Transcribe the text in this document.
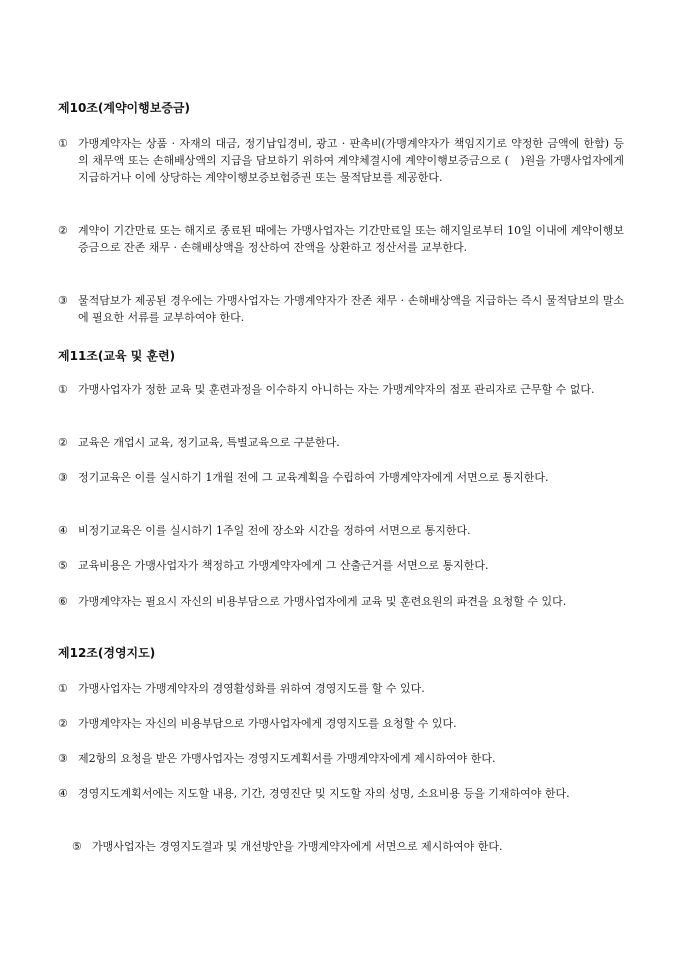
제10조(계약이행보증금)
① 가맹계약자는 상품 · 자재의 대금, 정기납입경비, 광고 · 판촉비(가맹계약자가 책임지기로 약정한 금액에 한함) 등의 채무액 또는 손해배상액의 지급을 담보하기 위하여 계약체결시에 계약이행보증금으로 (　)원을 가맹사업자에게 지급하거나 이에 상당하는 계약이행보증보험증권 또는 물적담보를 제공한다.
② 계약이 기간만료 또는 해지로 종료된 때에는 가맹사업자는 기간만료일 또는 해지일로부터 10일 이내에 계약이행보증금으로 잔존 채무 · 손해배상액을 정산하여 잔액을 상환하고 정산서를 교부한다.
③ 물적담보가 제공된 경우에는 가맹사업자는 가맹계약자가 잔존 채무 · 손해배상액을 지급하는 즉시 물적담보의 말소에 필요한 서류를 교부하여야 한다.
제11조(교육 및 훈련)
① 가맹사업자가 정한 교육 및 훈련과정을 이수하지 아니하는 자는 가맹계약자의 점포 관리자로 근무할 수 없다.
② 교육은 개업시 교육, 정기교육, 특별교육으로 구분한다.
③ 정기교육은 이를 실시하기 1개월 전에 그 교육계획을 수립하여 가맹계약자에게 서면으로 통지한다.
④ 비정기교육은 이를 실시하기 1주일 전에 장소와 시간을 정하여 서면으로 통지한다.
⑤ 교육비용은 가맹사업자가 책정하고 가맹계약자에게 그 산출근거를 서면으로 통지한다.
⑥ 가맹계약자는 필요시 자신의 비용부담으로 가맹사업자에게 교육 및 훈련요원의 파견을 요청할 수 있다.
제12조(경영지도)
① 가맹사업자는 가맹계약자의 경영활성화를 위하여 경영지도를 할 수 있다.
② 가맹계약자는 자신의 비용부담으로 가맹사업자에게 경영지도를 요청할 수 있다.
③ 제2항의 요청을 받은 가맹사업자는 경영지도계획서를 가맹계약자에게 제시하여야 한다.
④ 경영지도계획서에는 지도할 내용, 기간, 경영진단 및 지도할 자의 성명, 소요비용 등을 기재하여야 한다.
⑤ 가맹사업자는 경영지도결과 및 개선방안을 가맹계약자에게 서면으로 제시하여야 한다.
